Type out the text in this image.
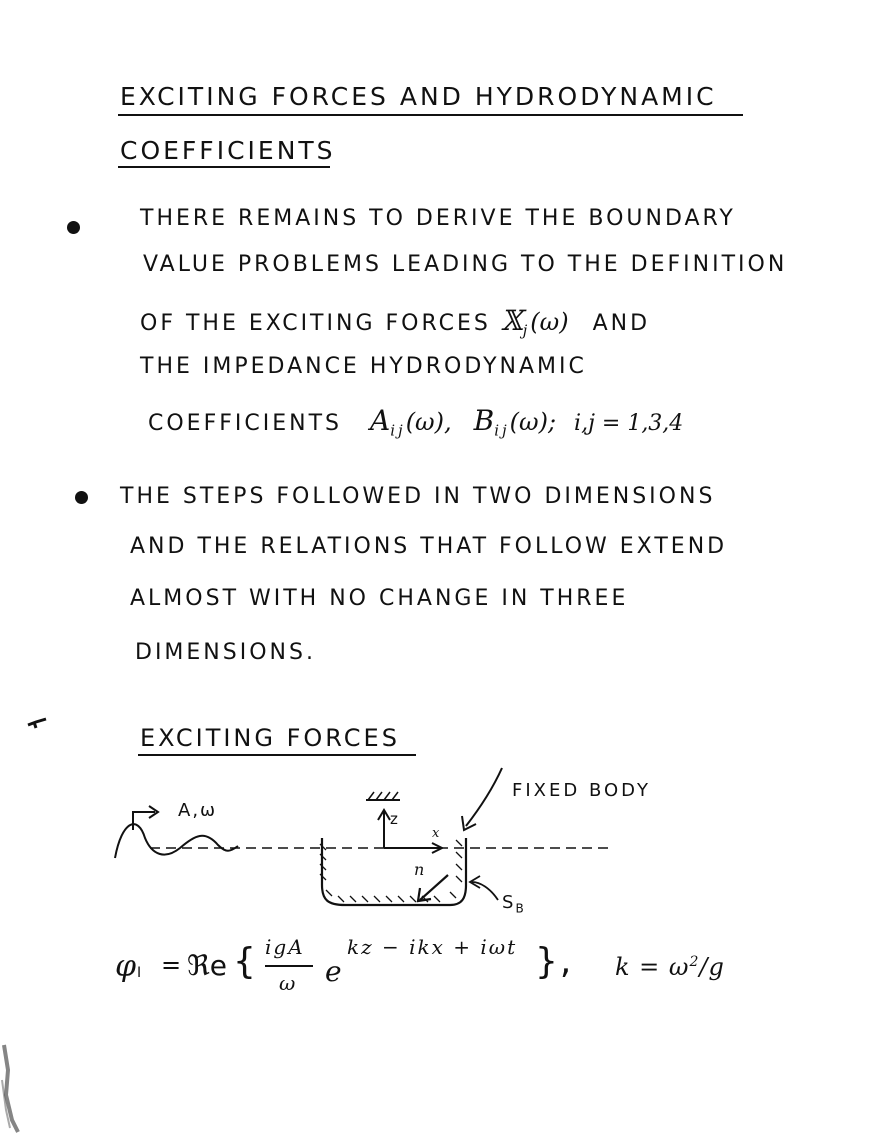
EXCITING FORCES AND HYDRODYNAMIC
COEFFICIENTS
THERE REMAINS TO DERIVE THE BOUNDARY
VALUE PROBLEMS LEADING TO THE DEFINITION
OF THE EXCITING FORCES 𝕏$_j$(ω) AND
THE IMPEDANCE HYDRODYNAMIC
COEFFICIENTS $A_{ij}(\omega)$, $B_{ij}(\omega)$; i,j = 1,3,4
THE STEPS FOLLOWED IN TWO DIMENSIONS
AND THE RELATIONS THAT FOLLOW EXTEND
ALMOST WITH NO CHANGE IN THREE
DIMENSIONS.
EXCITING FORCES
A,ω	z
x
n
FIXED BODY
$S_B$
φ I = ℜe { igA
ω e
kz − ikx + iωt }, $k = \omega^2/g$
